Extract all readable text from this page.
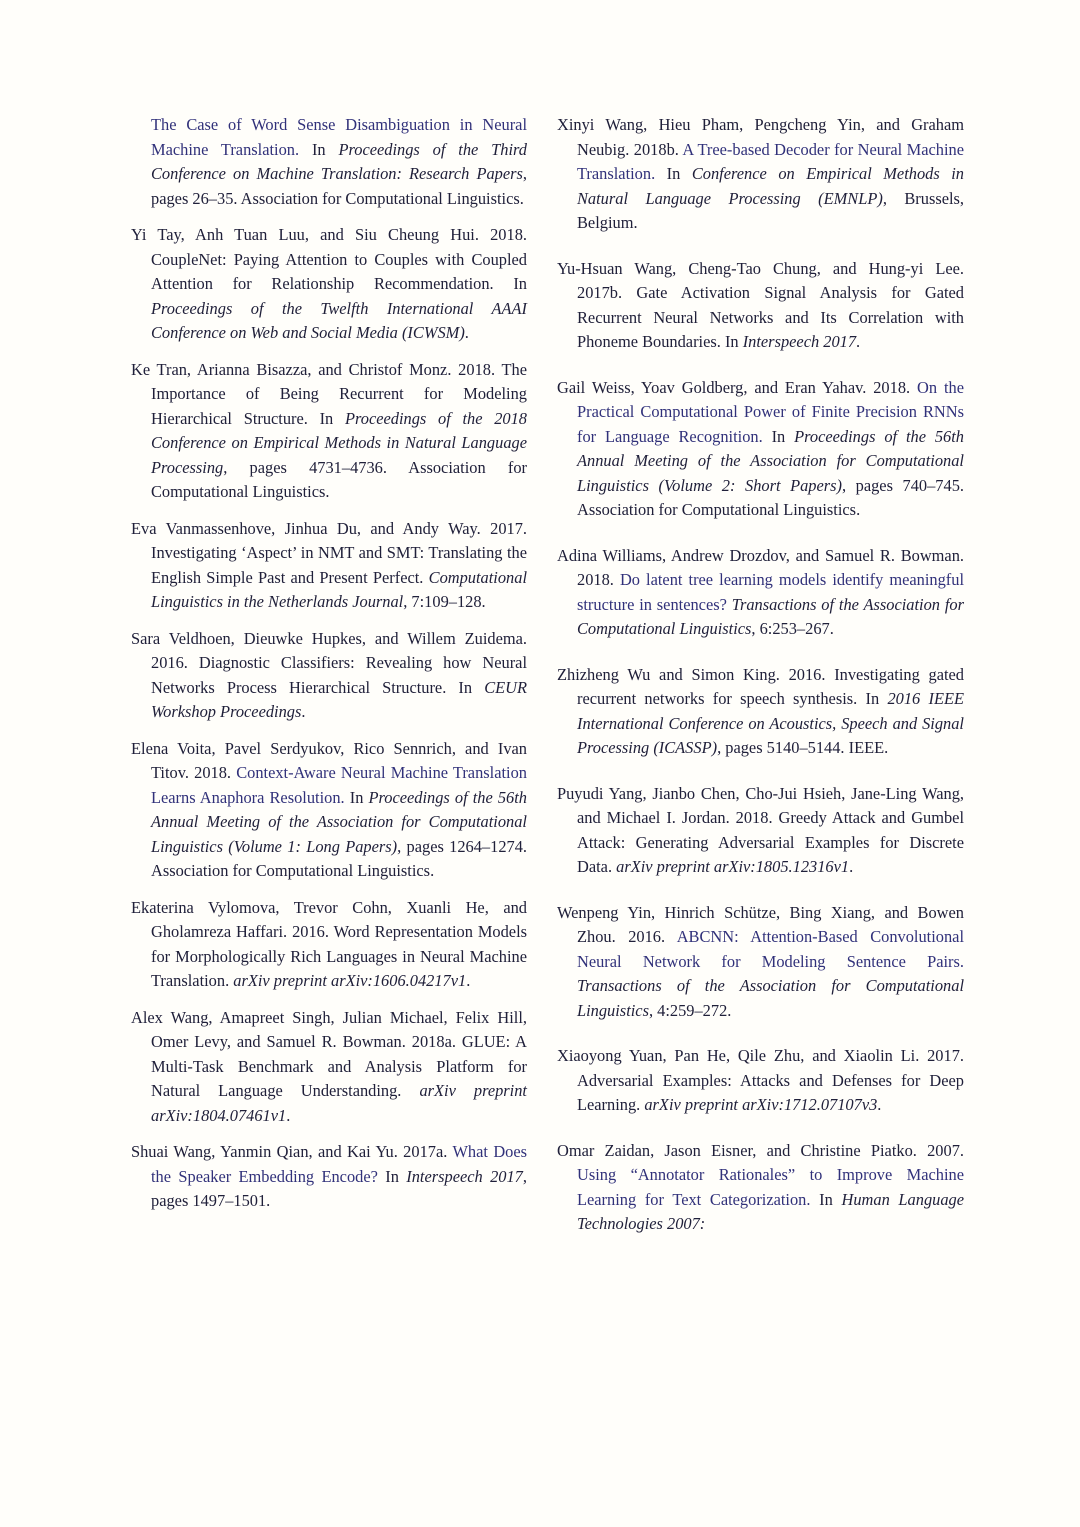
The Case of Word Sense Disambiguation in Neural Machine Translation. In Proceedings of the Third Conference on Machine Translation: Research Papers, pages 26–35. Association for Computational Linguistics.

Yi Tay, Anh Tuan Luu, and Siu Cheung Hui. 2018. CoupleNet: Paying Attention to Couples with Coupled Attention for Relationship Recommendation. In Proceedings of the Twelfth International AAAI Conference on Web and Social Media (ICWSM).

Ke Tran, Arianna Bisazza, and Christof Monz. 2018. The Importance of Being Recurrent for Modeling Hierarchical Structure. In Proceedings of the 2018 Conference on Empirical Methods in Natural Language Processing, pages 4731–4736. Association for Computational Linguistics.

Eva Vanmassenhove, Jinhua Du, and Andy Way. 2017. Investigating ‘Aspect’ in NMT and SMT: Translating the English Simple Past and Present Perfect. Computational Linguistics in the Netherlands Journal, 7:109–128.

Sara Veldhoen, Dieuwke Hupkes, and Willem Zuidema. 2016. Diagnostic Classifiers: Revealing how Neural Networks Process Hierarchical Structure. In CEUR Workshop Proceedings.

Elena Voita, Pavel Serdyukov, Rico Sennrich, and Ivan Titov. 2018. Context-Aware Neural Machine Translation Learns Anaphora Resolution. In Proceedings of the 56th Annual Meeting of the Association for Computational Linguistics (Volume 1: Long Papers), pages 1264–1274. Association for Computational Linguistics.

Ekaterina Vylomova, Trevor Cohn, Xuanli He, and Gholamreza Haffari. 2016. Word Representation Models for Morphologically Rich Languages in Neural Machine Translation. arXiv preprint arXiv:1606.04217v1.

Alex Wang, Amapreet Singh, Julian Michael, Felix Hill, Omer Levy, and Samuel R. Bowman. 2018a. GLUE: A Multi-Task Benchmark and Analysis Platform for Natural Language Understanding. arXiv preprint arXiv:1804.07461v1.

Shuai Wang, Yanmin Qian, and Kai Yu. 2017a. What Does the Speaker Embedding Encode? In Interspeech 2017, pages 1497–1501.

Xinyi Wang, Hieu Pham, Pengcheng Yin, and Graham Neubig. 2018b. A Tree-based Decoder for Neural Machine Translation. In Conference on Empirical Methods in Natural Language Processing (EMNLP), Brussels, Belgium.

Yu-Hsuan Wang, Cheng-Tao Chung, and Hung-yi Lee. 2017b. Gate Activation Signal Analysis for Gated Recurrent Neural Networks and Its Correlation with Phoneme Boundaries. In Interspeech 2017.

Gail Weiss, Yoav Goldberg, and Eran Yahav. 2018. On the Practical Computational Power of Finite Precision RNNs for Language Recognition. In Proceedings of the 56th Annual Meeting of the Association for Computational Linguistics (Volume 2: Short Papers), pages 740–745. Association for Computational Linguistics.

Adina Williams, Andrew Drozdov, and Samuel R. Bowman. 2018. Do latent tree learning models identify meaningful structure in sentences? Transactions of the Association for Computational Linguistics, 6:253–267.

Zhizheng Wu and Simon King. 2016. Investigating gated recurrent networks for speech synthesis. In 2016 IEEE International Conference on Acoustics, Speech and Signal Processing (ICASSP), pages 5140–5144. IEEE.

Puyudi Yang, Jianbo Chen, Cho-Jui Hsieh, Jane-Ling Wang, and Michael I. Jordan. 2018. Greedy Attack and Gumbel Attack: Generating Adversarial Examples for Discrete Data. arXiv preprint arXiv:1805.12316v1.

Wenpeng Yin, Hinrich Schütze, Bing Xiang, and Bowen Zhou. 2016. ABCNN: Attention-Based Convolutional Neural Network for Modeling Sentence Pairs. Transactions of the Association for Computational Linguistics, 4:259–272.

Xiaoyong Yuan, Pan He, Qile Zhu, and Xiaolin Li. 2017. Adversarial Examples: Attacks and Defenses for Deep Learning. arXiv preprint arXiv:1712.07107v3.

Omar Zaidan, Jason Eisner, and Christine Piatko. 2007. Using “Annotator Rationales” to Improve Machine Learning for Text Categorization. In Human Language Technologies 2007:
